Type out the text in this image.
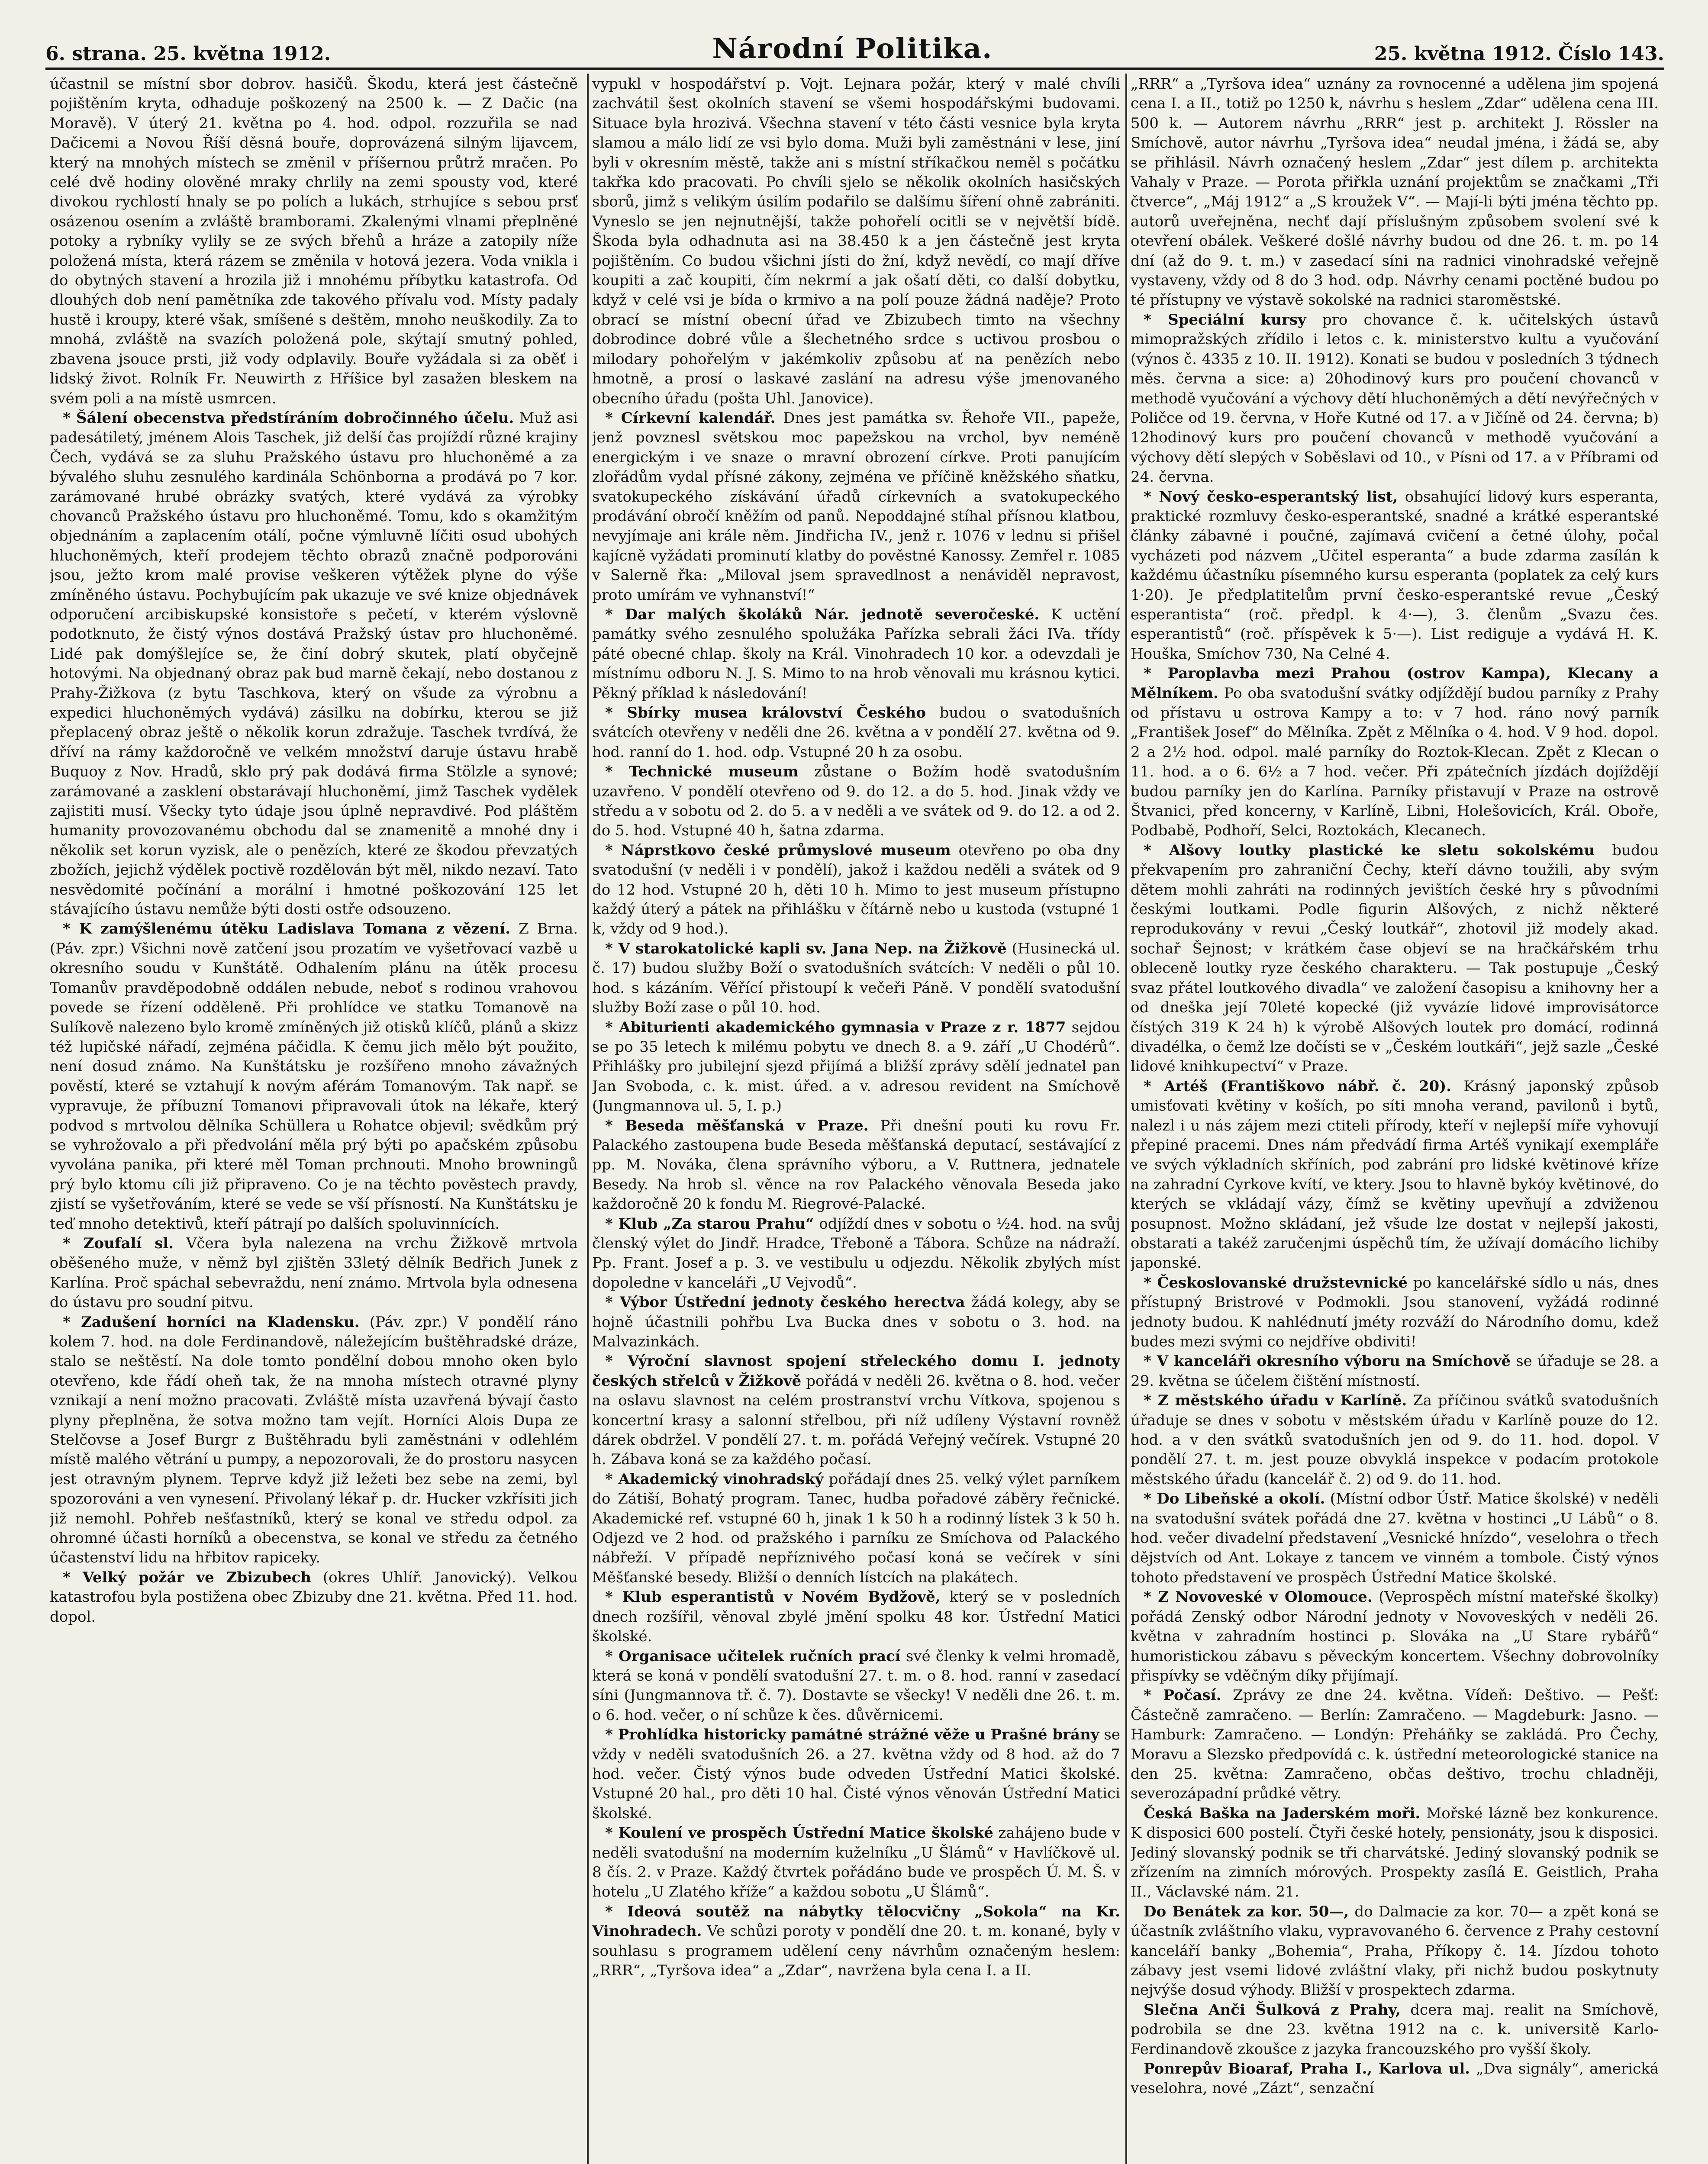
6. strana. 25. května 1912.	Národní Politika.	25. května 1912. Číslo 143.

účastnil se místní sbor dobrov. hasičů. Škodu, která jest částečně pojištěním kryta, odhaduje poškozený na 2500 k. — Z Dačic (na Moravě). V úterý 21. května po 4. hod. odpol. rozzuřila se nad Dačicemi a Novou Říší děsná bouře, doprovázená silným lijavcem, který na mnohých místech se změnil v příšernou průtrž mračen. Po celé dvě hodiny olověné mraky chrlily na zemi spousty vod, které divokou rychlostí hnaly se po polích a lukách, strhujíce s sebou prsť osázenou osením a zvláště bramborami. Zkalenými vlnami přeplněné potoky a rybníky vylily se ze svých břehů a hráze a zatopily níže položená místa, která rázem se změnila v hotová jezera. Voda vnikla i do obytných stavení a hrozila již i mnohému příbytku katastrofa. Od dlouhých dob není pamětníka zde takového přívalu vod. Místy padaly hustě i kroupy, které však, smíšené s deštěm, mnoho neuškodily. Za to mnohá, zvláště na svazích položená pole, skýtají smutný pohled, zbavena jsouce prsti, již vody odplavily. Bouře vyžádala si za oběť i lidský život. Rolník Fr. Neuwirth z Hříšice byl zasažen bleskem na svém poli a na místě usmrcen.

* Šálení obecenstva předstíráním dobročinného účelu. Muž asi padesátiletý, jménem Alois Taschek, již delší čas projíždí různé krajiny Čech, vydává se za sluhu Pražského ústavu pro hluchoněmé a za bývalého sluhu zesnulého kardinála Schönborna a prodává po 7 kor. zarámované hrubé obrázky svatých, které vydává za výrobky chovanců Pražského ústavu pro hluchoněmé. Tomu, kdo s okamžitým objednáním a zaplacením otálí, počne výmluvně líčiti osud ubohých hluchoněmých, kteří prodejem těchto obrazů značně podporováni jsou, ježto krom malé provise veškeren výtěžek plyne do výše zmíněného ústavu. Pochybujícím pak ukazuje ve své knize objednávek odporučení arcibiskupské konsistoře s pečetí, v kterém výslovně podotknuto, že čistý výnos dostává Pražský ústav pro hluchoněmé. Lidé pak domýšlejíce se, že činí dobrý skutek, platí obyčejně hotovými. Na objednaný obraz pak bud marně čekají, nebo dostanou z Prahy-Žižkova (z bytu Taschkova, který on všude za výrobnu a expedici hluchoněmých vydává) zásilku na dobírku, kterou se již přeplacený obraz ještě o několik korun zdražuje. Taschek tvrdívá, že dříví na rámy každoročně ve velkém množství daruje ústavu hrabě Buquoy z Nov. Hradů, sklo prý pak dodává firma Stölzle a synové; zarámované a zasklení obstarávají hluchoněmí, jimž Taschek vydělek zajistiti musí. Všecky tyto údaje jsou úplně nepravdivé. Pod pláštěm humanity provozovanému obchodu dal se znamenitě a mnohé dny i několik set korun vyzisk, ale o penězích, které ze škodou převzatých zbožích, jejichž výdělek poctivě rozdělován být měl, nikdo nezaví. Tato nesvědomité počínání a morální i hmotné poškozování 125 let stávajícího ústavu nemůže býti dosti ostře odsouzeno.

* K zamýšlenému útěku Ladislava Tomana z vězení. Z Brna. (Páv. zpr.) Všichni nově zatčení jsou prozatím ve vyšetřovací vazbě u okresního soudu v Kunštátě. Odhalením plánu na útěk procesu Tomanův pravděpodobně oddálen nebude, neboť s rodinou vrahovou povede se řízení odděleně. Při prohlídce ve statku Tomanově na Sulíkově nalezeno bylo kromě zmíněných již otisků klíčů, plánů a skizz též lupičské nářadí, zejména páčidla. K čemu jich mělo být použito, není dosud známo. Na Kunštátsku je rozšířeno mnoho závažných pověstí, které se vztahují k novým aférám Tomanovým. Tak např. se vypravuje, že příbuzní Tomanovi připravovali útok na lékaře, který podvod s mrtvolou dělníka Schüllera u Rohatce objevil; svědkům prý se vyhrožovalo a při předvolání měla prý býti po apačském způsobu vyvolána panika, při které měl Toman prchnouti. Mnoho browningů prý bylo ktomu cíli již připraveno. Co je na těchto pověstech pravdy, zjistí se vyšetřováním, které se vede se vší přísností. Na Kunštátsku je teď mnoho detektivů, kteří pátrají po dalších spoluvinnících.

* Zoufalí sl. Včera byla nalezena na vrchu Žižkově mrtvola oběšeného muže, v němž byl zjištěn 33letý dělník Bedřich Junek z Karlína. Proč spáchal sebevraždu, není známo. Mrtvola byla odnesena do ústavu pro soudní pitvu.

* Zadušení horníci na Kladensku. (Páv. zpr.) V pondělí ráno kolem 7. hod. na dole Ferdinandově, náležejícím buštěhradské dráze, stalo se neštěstí. Na dole tomto pondělní dobou mnoho oken bylo otevřeno, kde řádí oheň tak, že na mnoha místech otravné plyny vznikají a není možno pracovati. Zvláště místa uzavřená bývají často plyny přeplněna, že sotva možno tam vejít. Horníci Alois Dupa ze Stelčovse a Josef Burgr z Buštěhradu byli zaměstnáni v odlehlém místě malého větrání u pumpy, a nepozorovali, že do prostoru nasycen jest otravným plynem. Teprve když již ležeti bez sebe na zemi, byl spozorováni a ven vynesení. Přivolaný lékař p. dr. Hucker vzkřísiti jich již nemohl. Pohřeb nešťastníků, který se konal ve středu odpol. za ohromné účasti horníků a obecenstva, se konal ve středu za četného účastenství lidu na hřbitov rapiceky.

* Velký požár ve Zbizubech (okres Uhlíř. Janovický). Velkou katastrofou byla postižena obec Zbizuby dne 21. května. Před 11. hod. dopol.

vypukl v hospodářství p. Vojt. Lejnara požár, který v malé chvíli zachvátil šest okolních stavení se všemi hospodářskými budovami. Situace byla hrozivá. Všechna stavení v této části vesnice byla kryta slamou a málo lidí ze vsi bylo doma. Muži byli zaměstnáni v lese, jiní byli v okresním městě, takže ani s místní stříkačkou neměl s počátku takřka kdo pracovati. Po chvíli sjelo se několik okolních hasičských sborů, jimž s velikým úsilím podařilo se dalšímu šíření ohně zabrániti. Vyneslo se jen nejnutnější, takže pohořelí ocitli se v největší bídě. Škoda byla odhadnuta asi na 38.450 k a jen částečně jest kryta pojištěním. Co budou všichni jísti do žní, když nevědí, co mají dříve koupiti a zač koupiti, čím nekrmí a jak ošatí děti, co další dobytku, když v celé vsi je bída o krmivo a na polí pouze žádná naděje? Proto obrací se místní obecní úřad ve Zbizubech timto na všechny dobrodince dobré vůle a šlechetného srdce s uctivou prosbou o milodary pohořelým v jakémkoliv způsobu ať na penězích nebo hmotně, a prosí o laskavé zaslání na adresu výše jmenovaného obecního úřadu (pošta Uhl. Janovice).

* Církevní kalendář. Dnes jest památka sv. Řehoře VII., papeže, jenž povznesl světskou moc papežskou na vrchol, byv neméně energickým i ve snaze o mravní obrození církve. Proti panujícím zlořádům vydal přísné zákony, zejména ve příčině kněžského sňatku, svatokupeckého získávání úřadů církevních a svatokupeckého prodávání obročí kněžím od panů. Nepoddajné stíhal přísnou klatbou, nevyjímaje ani krále něm. Jindřicha IV., jenž r. 1076 v lednu si přišel kajícně vyžádati prominutí klatby do pověstné Kanossy. Zemřel r. 1085 v Salerně řka: „Miloval jsem spravedlnost a nenáviděl nepravost, proto umírám ve vyhnanství!“

* Dar malých školáků Nár. jednotě severočeské. K uctění památky svého zesnulého spolužáka Pařízka sebrali žáci IVa. třídy páté obecné chlap. školy na Král. Vinohradech 10 kor. a odevzdali je místnímu odboru N. J. S. Mimo to na hrob věnovali mu krásnou kytici. Pěkný příklad k následování!

* Sbírky musea království Českého budou o svatodušních svátcích otevřeny v neděli dne 26. května a v pondělí 27. května od 9. hod. ranní do 1. hod. odp. Vstupné 20 h za osobu.

* Technické museum zůstane o Božím hodě svatodušním uzavřeno. V pondělí otevřeno od 9. do 12. a do 5. hod. Jinak vždy ve středu a v sobotu od 2. do 5. a v neděli a ve svátek od 9. do 12. a od 2. do 5. hod. Vstupné 40 h, šatna zdarma.

* Náprstkovo české průmyslové museum otevřeno po oba dny svatodušní (v neděli i v pondělí), jakož i každou neděli a svátek od 9 do 12 hod. Vstupné 20 h, děti 10 h. Mimo to jest museum přístupno každý úterý a pátek na přihlášku v čítárně nebo u kustoda (vstupné 1 k, vždy od 9 hod.).

* V starokatolické kapli sv. Jana Nep. na Žižkově (Husinecká ul. č. 17) budou služby Boží o svatodušních svátcích: V neděli o půl 10. hod. s kázáním. Věřící přistoupí k večeři Páně. V pondělí svatodušní služby Boží zase o půl 10. hod.

* Abiturienti akademického gymnasia v Praze z r. 1877 sejdou se po 35 letech k milému pobytu ve dnech 8. a 9. září „U Chodérů“. Přihlášky pro jubilejní sjezd přijímá a bližší zprávy sdělí jednatel pan Jan Svoboda, c. k. mist. úřed. a v. adresou revident na Smíchově (Jungmannova ul. 5, I. p.)

* Beseda měšťanská v Praze. Při dnešní pouti ku rovu Fr. Palackého zastoupena bude Beseda měšťanská deputací, sestávající z pp. M. Nováka, člena správního výboru, a V. Ruttnera, jednatele Besedy. Na hrob sl. věnce na rov Palackého věnovala Beseda jako každoročně 20 k fondu M. Riegrové-Palacké.

* Klub „Za starou Prahu“ odjíždí dnes v sobotu o ½4. hod. na svůj členský výlet do Jindř. Hradce, Třeboně a Tábora. Schůze na nádraží. Pp. Frant. Josef a p. 3. ve vestibulu u odjezdu. Několik zbylých míst dopoledne v kanceláři „U Vejvodů“.

* Výbor Ústřední jednoty českého herectva žádá kolegy, aby se hojně účastnili pohřbu Lva Bucka dnes v sobotu o 3. hod. na Malvazinkách.

* Výroční slavnost spojení střeleckého domu I. jednoty českých střelců v Žižkově pořádá v neděli 26. května o 8. hod. večer na oslavu slavnost na celém prostranství vrchu Vítkova, spojenou s koncertní krasy a salonní střelbou, při níž udíleny Výstavní rovněž dárek obdržel. V pondělí 27. t. m. pořádá Veřejný večírek. Vstupné 20 h. Zábava koná se za každého počasí.

* Akademický vinohradský pořádají dnes 25. velký výlet parníkem do Zátiší, Bohatý program. Tanec, hudba pořadové záběry řečnické. Akademické ref. vstupné 60 h, jinak 1 k 50 h a rodinný lístek 3 k 50 h. Odjezd ve 2 hod. od pražského i parníku ze Smíchova od Palackého nábřeží. V případě nepříznivého počasí koná se večírek v síni Měšťanské besedy. Bližší o denních lístcích na plakátech.

* Klub esperantistů v Novém Bydžově, který se v posledních dnech rozšířil, věnoval zbylé jmění spolku 48 kor. Ústřední Matici školské.

* Organisace učitelek ručních prací své členky k velmi hromadě, která se koná v pondělí svatodušní 27. t. m. o 8. hod. ranní v zasedací síni (Jungmannova tř. č. 7). Dostavte se všecky! V neděli dne 26. t. m. o 6. hod. večer, o ní schůze k čes. důvěrnicemi.

* Prohlídka historicky památné strážné věže u Prašné brány se vždy v neděli svatodušních 26. a 27. května vždy od 8 hod. až do 7 hod. večer. Čistý výnos bude odveden Ústřední Matici školské. Vstupné 20 hal., pro děti 10 hal. Čisté výnos věnován Ústřední Matici školské.

* Koulení ve prospěch Ústřední Matice školské zahájeno bude v neděli svatodušní na moderním kuželníku „U Šlámů“ v Havlíčkově ul. 8 čís. 2. v Praze. Každý čtvrtek pořádáno bude ve prospěch Ú. M. Š. v hotelu „U Zlatého kříže“ a každou sobotu „U Šlámů“.

* Ideová soutěž na nábytky tělocvičny „Sokola“ na Kr. Vinohradech. Ve schůzi poroty v pondělí dne 20. t. m. konané, byly v souhlasu s programem udělení ceny návrhům označeným heslem: „RRR“, „Tyršova idea“ a „Zdar“, navržena byla cena I. a II.

„RRR“ a „Tyršova idea“ uznány za rovnocenné a udělena jim spojená cena I. a II., totiž po 1250 k, návrhu s heslem „Zdar“ udělena cena III. 500 k. — Autorem návrhu „RRR“ jest p. architekt J. Rössler na Smíchově, autor návrhu „Tyršova idea“ neudal jména, i žádá se, aby se přihlásil. Návrh označený heslem „Zdar“ jest dílem p. architekta Vahaly v Praze. — Porota přiřkla uznání projektům se značkami „Tři čtverce“, „Máj 1912“ a „S kroužek V“. — Mají-li býti jména těchto pp. autorů uveřejněna, nechť dají příslušným způsobem svolení své k otevření obálek. Veškeré došlé návrhy budou od dne 26. t. m. po 14 dní (až do 9. t. m.) v zasedací síni na radnici vinohradské veřejně vystaveny, vždy od 8 do 3 hod. odp. Návrhy cenami poctěné budou po té přístupny ve výstavě sokolské na radnici staroměstské.

* Speciální kursy pro chovance č. k. učitelských ústavů mimopražských zřídilo i letos c. k. ministerstvo kultu a vyučování (výnos č. 4335 z 10. II. 1912). Konati se budou v posledních 3 týdnech měs. června a sice: a) 20hodinový kurs pro poučení chovanců v methodě vyučování a výchovy dětí hluchoněmých a dětí nevýřečných v Poličce od 19. června, v Hoře Kutné od 17. a v Jičíně od 24. června; b) 12hodinový kurs pro poučení chovanců v methodě vyučování a výchovy dětí slepých v Soběslavi od 10., v Písni od 17. a v Příbrami od 24. června.

* Nový česko-esperantský list, obsahující lidový kurs esperanta, praktické rozmluvy česko-esperantské, snadné a krátké esperantské články zábavné i poučné, zajímavá cvičení a četné úlohy, počal vycházeti pod názvem „Učitel esperanta“ a bude zdarma zasílán k každému účastníku písemného kursu esperanta (poplatek za celý kurs 1·20). Je předplatitelům první česko-esperantské revue „Český esperantista“ (roč. předpl. k 4·—), 3. členům „Svazu čes. esperantistů“ (roč. příspěvek k 5·—). List rediguje a vydává H. K. Houška, Smíchov 730, Na Celné 4.

* Paroplavba mezi Prahou (ostrov Kampa), Klecany a Mělníkem. Po oba svatodušní svátky odjíždějí budou parníky z Prahy od přístavu u ostrova Kampy a to: v 7 hod. ráno nový parník „František Josef“ do Mělníka. Zpět z Mělníka o 4. hod. V 9 hod. dopol. 2 a 2½ hod. odpol. malé parníky do Roztok-Klecan. Zpět z Klecan o 11. hod. a o 6. 6½ a 7 hod. večer. Při zpátečních jízdách dojíždějí budou parníky jen do Karlína. Parníky přistavují v Praze na ostrově Štvanici, před koncerny, v Karlíně, Libni, Holešovicích, Král. Oboře, Podbabě, Podhoří, Selci, Roztokách, Klecanech.

* Alšovy loutky plastické ke sletu sokolskému budou překvapením pro zahraniční Čechy, kteří dávno toužili, aby svým dětem mohli zahráti na rodinných jevištích české hry s původními českými loutkami. Podle figurin Alšových, z nichž některé reprodukovány v revui „Český loutkář“, zhotovil již modely akad. sochař Šejnost; v krátkém čase objeví se na hračkářském trhu obleceně loutky ryze českého charakteru. — Tak postupuje „Český svaz přátel loutkového divadla“ ve založení časopisu a knihovny her a od dneška její 70leté kopecké (již vyvázíe lidové improvisátorce čístých 319 K 24 h) k výrobě Alšových loutek pro domácí, rodinná divadélka, o čemž lze dočísti se v „Českém loutkáři“, jejž sazle „České lidové knihkupectví“ v Praze.

* Artéš (Františkovo nábř. č. 20). Krásný japonský způsob umisťovati květiny v koších, po síti mnoha verand, pavilonů i bytů, nalezl i u nás zájem mezi ctiteli přírody, kteří v nejlepší míře vyhovují přepiné pracemi. Dnes nám předvádí firma Artéš vynikají exempláře ve svých výkladních skříních, pod zabrání pro lidské květinové kříze na zahradní Cyrkove kvítí, ve ktery. Jsou to hlavně bykóy květinové, do kterých se vkládají vázy, čímž se květiny upevňují a zdviženou posupnost. Možno skládaní, jež všude lze dostat v nejlepší jakosti, obstarati a takéž zaručenjmi úspěchů tím, že užívají domácího lichiby japonské.

* Českoslovanské družstevnické po kancelářské sídlo u nás, dnes přístupný Bristrové v Podmokli. Jsou stanovení, vyžádá rodinné jednoty budou. K nahlédnutí jméty rozváží do Národního domu, kdež budes mezi svými co nejdříve obdiviti!

* V kanceláři okresního výboru na Smíchově se úřaduje se 28. a 29. května se účelem čištění místností.

* Z městského úřadu v Karlíně. Za příčinou svátků svatodušních úřaduje se dnes v sobotu v městském úřadu v Karlíně pouze do 12. hod. a v den svátků svatodušních jen od 9. do 11. hod. dopol. V pondělí 27. t. m. jest pouze obvyklá inspekce v podacím protokole městského úřadu (kancelář č. 2) od 9. do 11. hod.

* Do Libeňské a okolí. (Místní odbor Ústř. Matice školské) v neděli na svatodušní svátek pořádá dne 27. května v hostinci „U Lábů“ o 8. hod. večer divadelní představení „Vesnické hnízdo“, veselohra o třech dějstvích od Ant. Lokaye z tancem ve vinném a tombole. Čistý výnos tohoto představení ve prospěch Ústřední Matice školské.

* Z Novoveské v Olomouce. (Veprospěch místní mateřské školky) pořádá Zenský odbor Národní jednoty v Novoveských v neděli 26. května v zahradním hostinci p. Slováka na „U Stare rybářů“ humoristickou zábavu s pěveckým koncertem. Všechny dobrovolníky přispívky se vděčným díky přijímají.

* Počasí. Zprávy ze dne 24. května. Vídeň: Deštivo. — Pešť: Částečně zamračeno. — Berlín: Zamračeno. — Magdeburk: Jasno. — Hamburk: Zamračeno. — Londýn: Přeháňky se zakládá. Pro Čechy, Moravu a Slezsko předpovídá c. k. ústřední meteorologické stanice na den 25. května: Zamračeno, občas deštivo, trochu chladněji, severozápadní průdké větry.

Česká Baška na Jaderském moři. Mořské lázně bez konkurence. K disposici 600 postelí. Čtyři české hotely, pensionáty, jsou k disposici. Jediný slovanský podnik se tři charvátské. Jediný slovanský podnik se zřízením na zimních mórových. Prospekty zasílá E. Geistlich, Praha II., Václavské nám. 21.

Do Benátek za kor. 50—, do Dalmacie za kor. 70— a zpět koná se účastník zvláštního vlaku, vypravovaného 6. července z Prahy cestovní kanceláří banky „Bohemia“, Praha, Příkopy č. 14. Jízdou tohoto zábavy jest vsemi lidové zvláštní vlaky, při nichž budou poskytnuty nejvýše dosud výhody. Bližší v prospektech zdarma.

Slečna Anči Šulková z Prahy, dcera maj. realit na Smíchově, podrobila se dne 23. května 1912 na c. k. universitě Karlo-Ferdinandově zkoušce z jazyka francouzského pro vyšší školy.

Ponrepův Bioaraf, Praha I., Karlova ul. „Dva signály“, americká veselohra, nové „Zázt“, senzační
